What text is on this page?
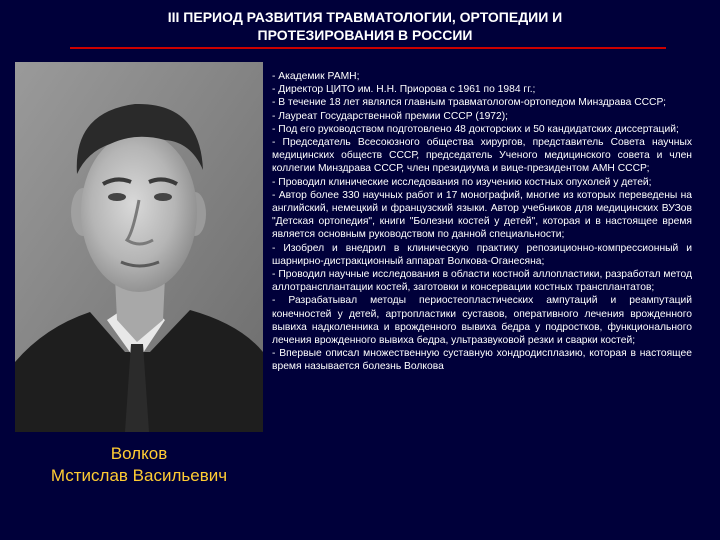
III ПЕРИОД РАЗВИТИЯ ТРАВМАТОЛОГИИ, ОРТОПЕДИИ И
ПРОТЕЗИРОВАНИЯ В РОССИИ
Волков
Мстислав Васильевич
- Академик РАМН;
- Директор ЦИТО им. Н.Н. Приорова с 1961 по 1984 гг.;
- В течение 18 лет являлся главным травматологом-ортопедом Минздрава СССР;
- Лауреат Государственной премии СССР (1972);
- Под его руководством подготовлено 48 докторских и 50 кандидатских диссертаций;
- Председатель Всесоюзного общества хирургов, представитель Совета научных медицинских обществ СССР, председатель Ученого медицинского совета и член коллегии Минздрава СССР, член президиума и вице-президентом АМН СССР;
- Проводил клинические исследования по изучению костных опухолей у детей;
- Автор более 330 научных работ и 17 монографий, многие из которых переведены на английский, немецкий и французский языки. Автор учебников для медицинских ВУЗов "Детская ортопедия", книги "Болезни костей у детей", которая и в настоящее время является основным руководством по данной специальности;
- Изобрел и внедрил в клиническую практику репозиционно-компрессионный и шарнирно-дистракционный аппарат Волкова-Оганесяна;
- Проводил научные исследования в области костной аллопластики, разработал метод аллотрансплантации костей, заготовки и консервации костных трансплантатов;
- Разрабатывал методы периостеопластических ампутаций и реампутаций конечностей у детей, артропластики суставов, оперативного лечения врожденного вывиха надколенника и врожденного вывиха бедра у подростков, функционального лечения врожденного вывиха бедра, ультразвуковой резки и сварки костей;
- Впервые описал множественную суставную хондродисплазию, которая в настоящее время называется болезнь Волкова
